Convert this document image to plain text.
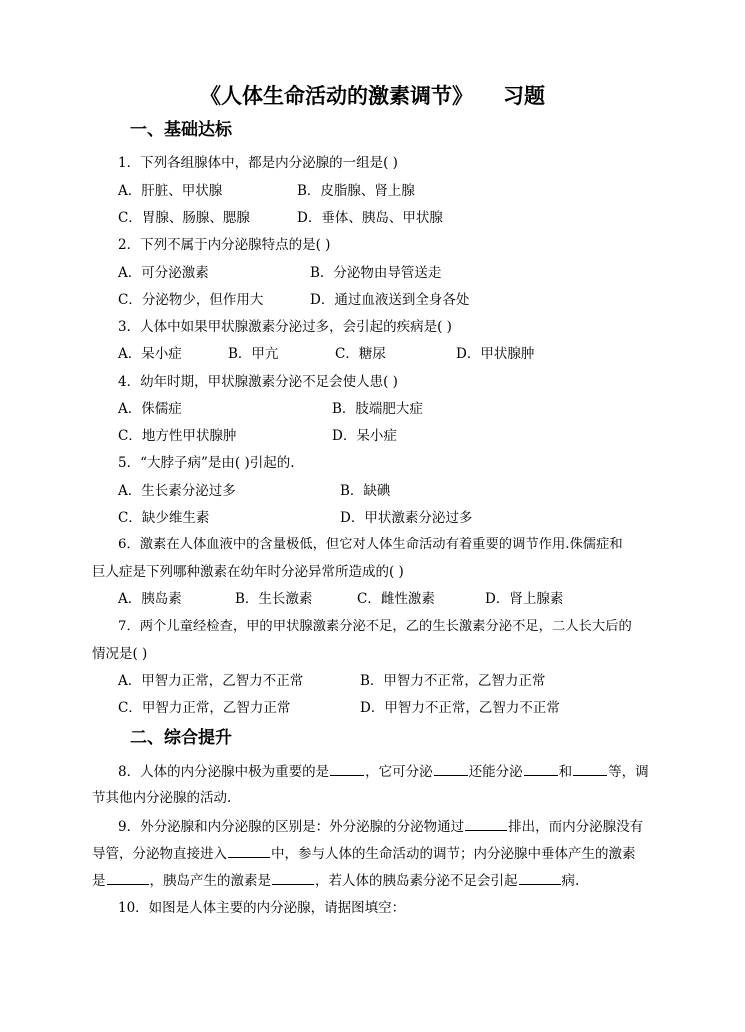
《人体生命活动的激素调节》 习题
一、基础达标
1．下列各组腺体中，都是内分泌腺的一组是( )
A．肝脏、甲状腺	B．皮脂腺、肾上腺
C．胃腺、肠腺、腮腺	D．垂体、胰岛、甲状腺
2．下列不属于内分泌腺特点的是( )
A．可分泌激素	B．分泌物由导管送走
C．分泌物少，但作用大	D．通过血液送到全身各处
3．人体中如果甲状腺激素分泌过多，会引起的疾病是( )
A．呆小症	B．甲亢	C．糖尿	D．甲状腺肿
4．幼年时期，甲状腺激素分泌不足会使人患( )
A．侏儒症	B．肢端肥大症
C．地方性甲状腺肿	D．呆小症
5．“大脖子病”是由( )引起的.
A．生长素分泌过多	B．缺碘
C．缺少维生素	D．甲状激素分泌过多
6．激素在人体血液中的含量极低，但它对人体生命活动有着重要的调节作用.侏儒症和
巨人症是下列哪种激素在幼年时分泌异常所造成的( )
A．胰岛素	B．生长激素	C．雌性激素	D．肾上腺素
7．两个儿童经检查，甲的甲状腺激素分泌不足，乙的生长激素分泌不足，二人长大后的
情况是( )
A．甲智力正常，乙智力不正常	B．甲智力不正常，乙智力正常
C．甲智力正常，乙智力正常	D．甲智力不正常，乙智力不正常
二、综合提升
8．人体的内分泌腺中极为重要的是	，它可分泌	还能分泌	和	等，调
节其他内分泌腺的活动.
9．外分泌腺和内分泌腺的区别是：外分泌腺的分泌物通过	排出，而内分泌腺没有
导管，分泌物直接进入	中，参与人体的生命活动的调节；内分泌腺中垂体产生的激素
是	，胰岛产生的激素是	，若人体的胰岛素分泌不足会引起	病.
10．如图是人体主要的内分泌腺，请据图填空：
